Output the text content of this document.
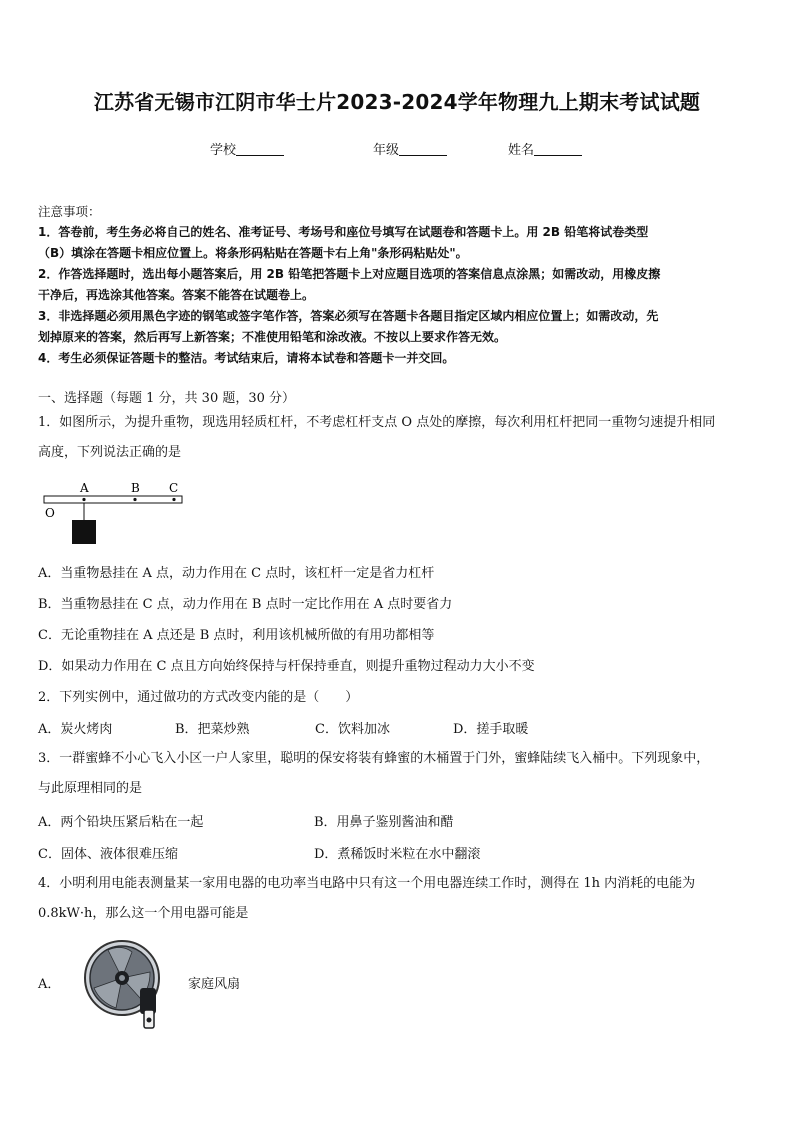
江苏省无锡市江阴市华士片2023-2024学年物理九上期末考试试题
学校	年级	姓名

注意事项：

1．答卷前，考生务必将自己的姓名、准考证号、考场号和座位号填写在试题卷和答题卡上。用 2B 铅笔将试卷类型

（B）填涂在答题卡相应位置上。将条形码粘贴在答题卡右上角"条形码粘贴处"。

2．作答选择题时，选出每小题答案后，用 2B 铅笔把答题卡上对应题目选项的答案信息点涂黑；如需改动，用橡皮擦

干净后，再选涂其他答案。答案不能答在试题卷上。

3．非选择题必须用黑色字迹的钢笔或签字笔作答，答案必须写在答题卡各题目指定区域内相应位置上；如需改动，先

划掉原来的答案，然后再写上新答案；不准使用铅笔和涂改液。不按以上要求作答无效。

4．考生必须保证答题卡的整洁。考试结束后，请将本试卷和答题卡一并交回。

一、选择题（每题 1 分，共 30 题，30 分）
1．如图所示，为提升重物，现选用轻质杠杆，不考虑杠杆支点 O 点处的摩擦，每次利用杠杆把同一重物匀速提升相同
高度，下列说法正确的是
A	B C
O
A．当重物悬挂在 A 点，动力作用在 C 点时，该杠杆一定是省力杠杆
B．当重物悬挂在 C 点，动力作用在 B 点时一定比作用在 A 点时要省力
C．无论重物挂在 A 点还是 B 点时，利用该机械所做的有用功都相等
D．如果动力作用在 C 点且方向始终保持与杆保持垂直，则提升重物过程动力大小不变
2．下列实例中，通过做功的方式改变内能的是（　　）
A．炭火烤肉	B．把菜炒熟	C．饮料加冰	D．搓手取暖
3．一群蜜蜂不小心飞入小区一户人家里，聪明的保安将装有蜂蜜的木桶置于门外，蜜蜂陆续飞入桶中。下列现象中，
与此原理相同的是
A．两个铅块压紧后粘在一起	B．用鼻子鉴别酱油和醋
C．固体、液体很难压缩	D．煮稀饭时米粒在水中翻滚
4．小明利用电能表测量某一家用电器的电功率当电路中只有这一个用电器连续工作时，测得在 1h 内消耗的电能为
0.8kW·h，那么这一个用电器可能是
A．	家庭风扇
